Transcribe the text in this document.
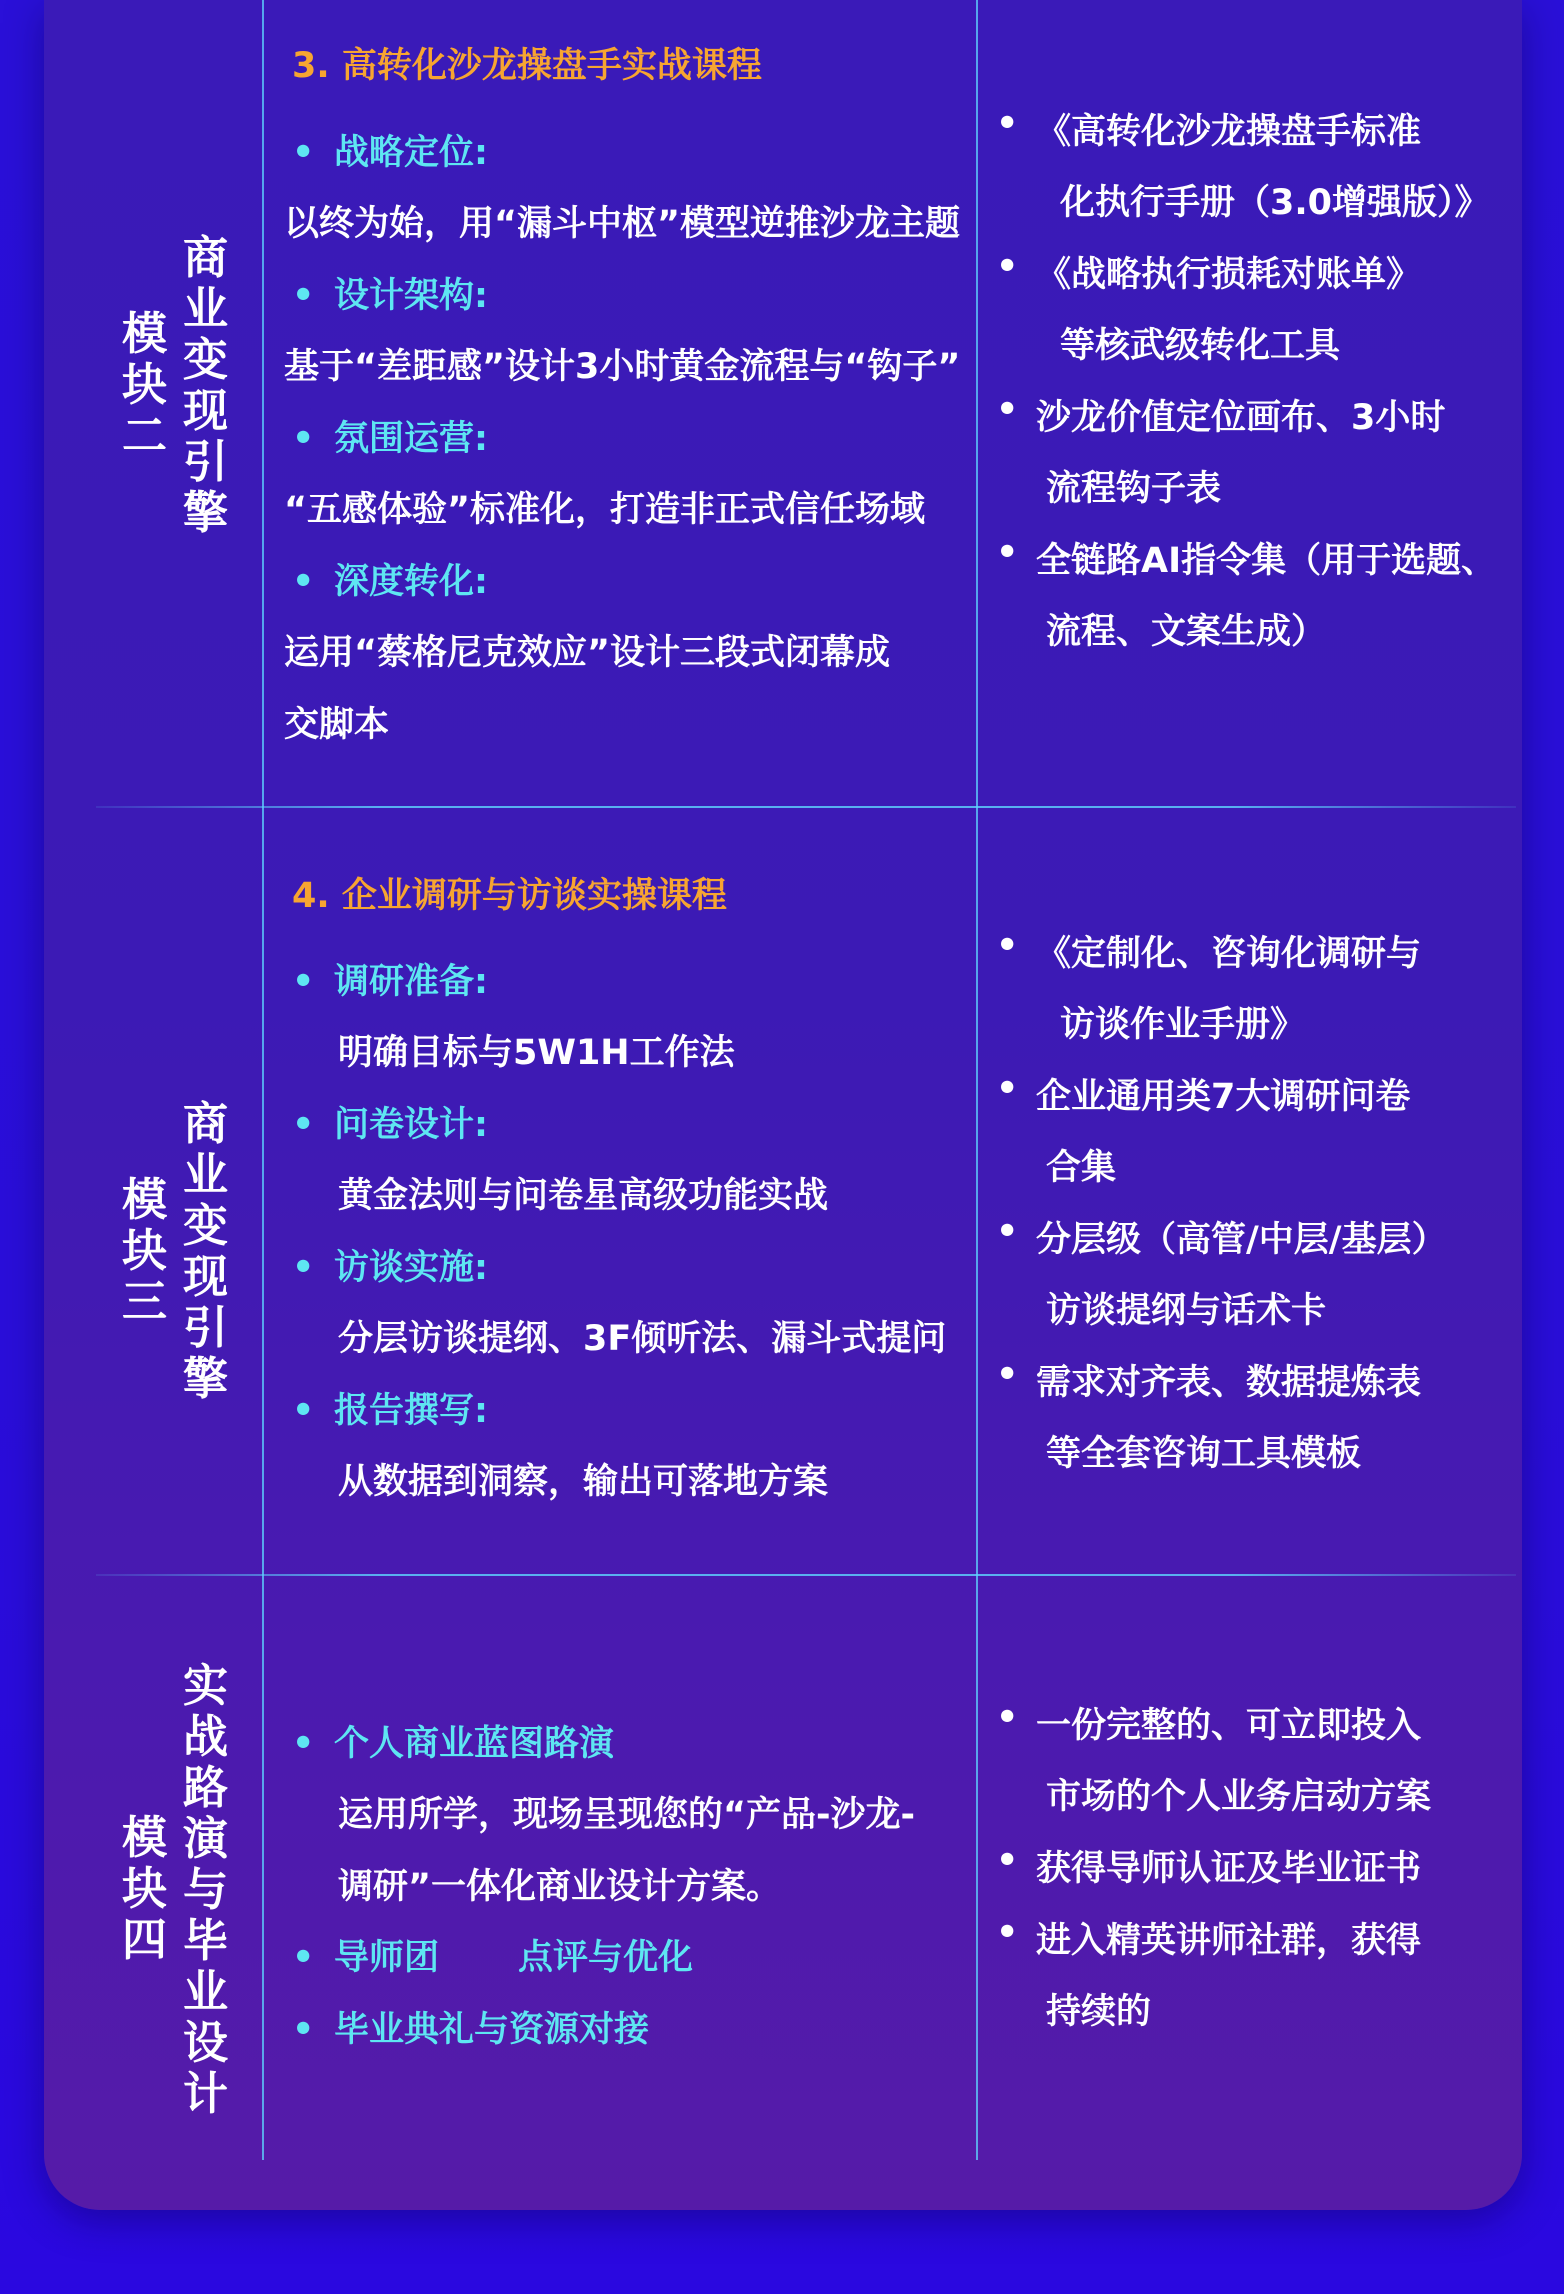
商
业
变
现
引
擎
模
块
二
3. 高转化沙龙操盘手实战课程
• 战略定位:
以终为始，用“漏斗中枢”模型逆推沙龙主题
• 设计架构:
基于“差距感”设计3小时黄金流程与“钩子”
• 氛围运营:
“五感体验”标准化，打造非正式信任场域
• 深度转化:
运用“蔡格尼克效应”设计三段式闭幕成
交脚本
• 《高转化沙龙操盘手标准
化执行手册（3.0增强版）》
• 《战略执行损耗对账单》
等核武级转化工具
• 沙龙价值定位画布、3小时
流程钩子表
• 全链路AI指令集（用于选题、
流程、文案生成）
商
业
变
现
引
擎
模
块
三
4. 企业调研与访谈实操课程
• 调研准备:
明确目标与5W1H工作法
• 问卷设计:
黄金法则与问卷星高级功能实战
• 访谈实施:
分层访谈提纲、3F倾听法、漏斗式提问
• 报告撰写:
从数据到洞察，输出可落地方案
• 《定制化、咨询化调研与
访谈作业手册》
• 企业通用类7大调研问卷
合集
• 分层级（高管/中层/基层）
访谈提纲与话术卡
• 需求对齐表、数据提炼表
等全套咨询工具模板
实
战
路
演
与
毕
业
设
计
模
块
四
• 个人商业蓝图路演
运用所学，现场呈现您的“产品-沙龙-
调研”一体化商业设计方案。
• 导师团 点评与优化
• 毕业典礼与资源对接
• 一份完整的、可立即投入
市场的个人业务启动方案
• 获得导师认证及毕业证书
• 进入精英讲师社群，获得
持续的
